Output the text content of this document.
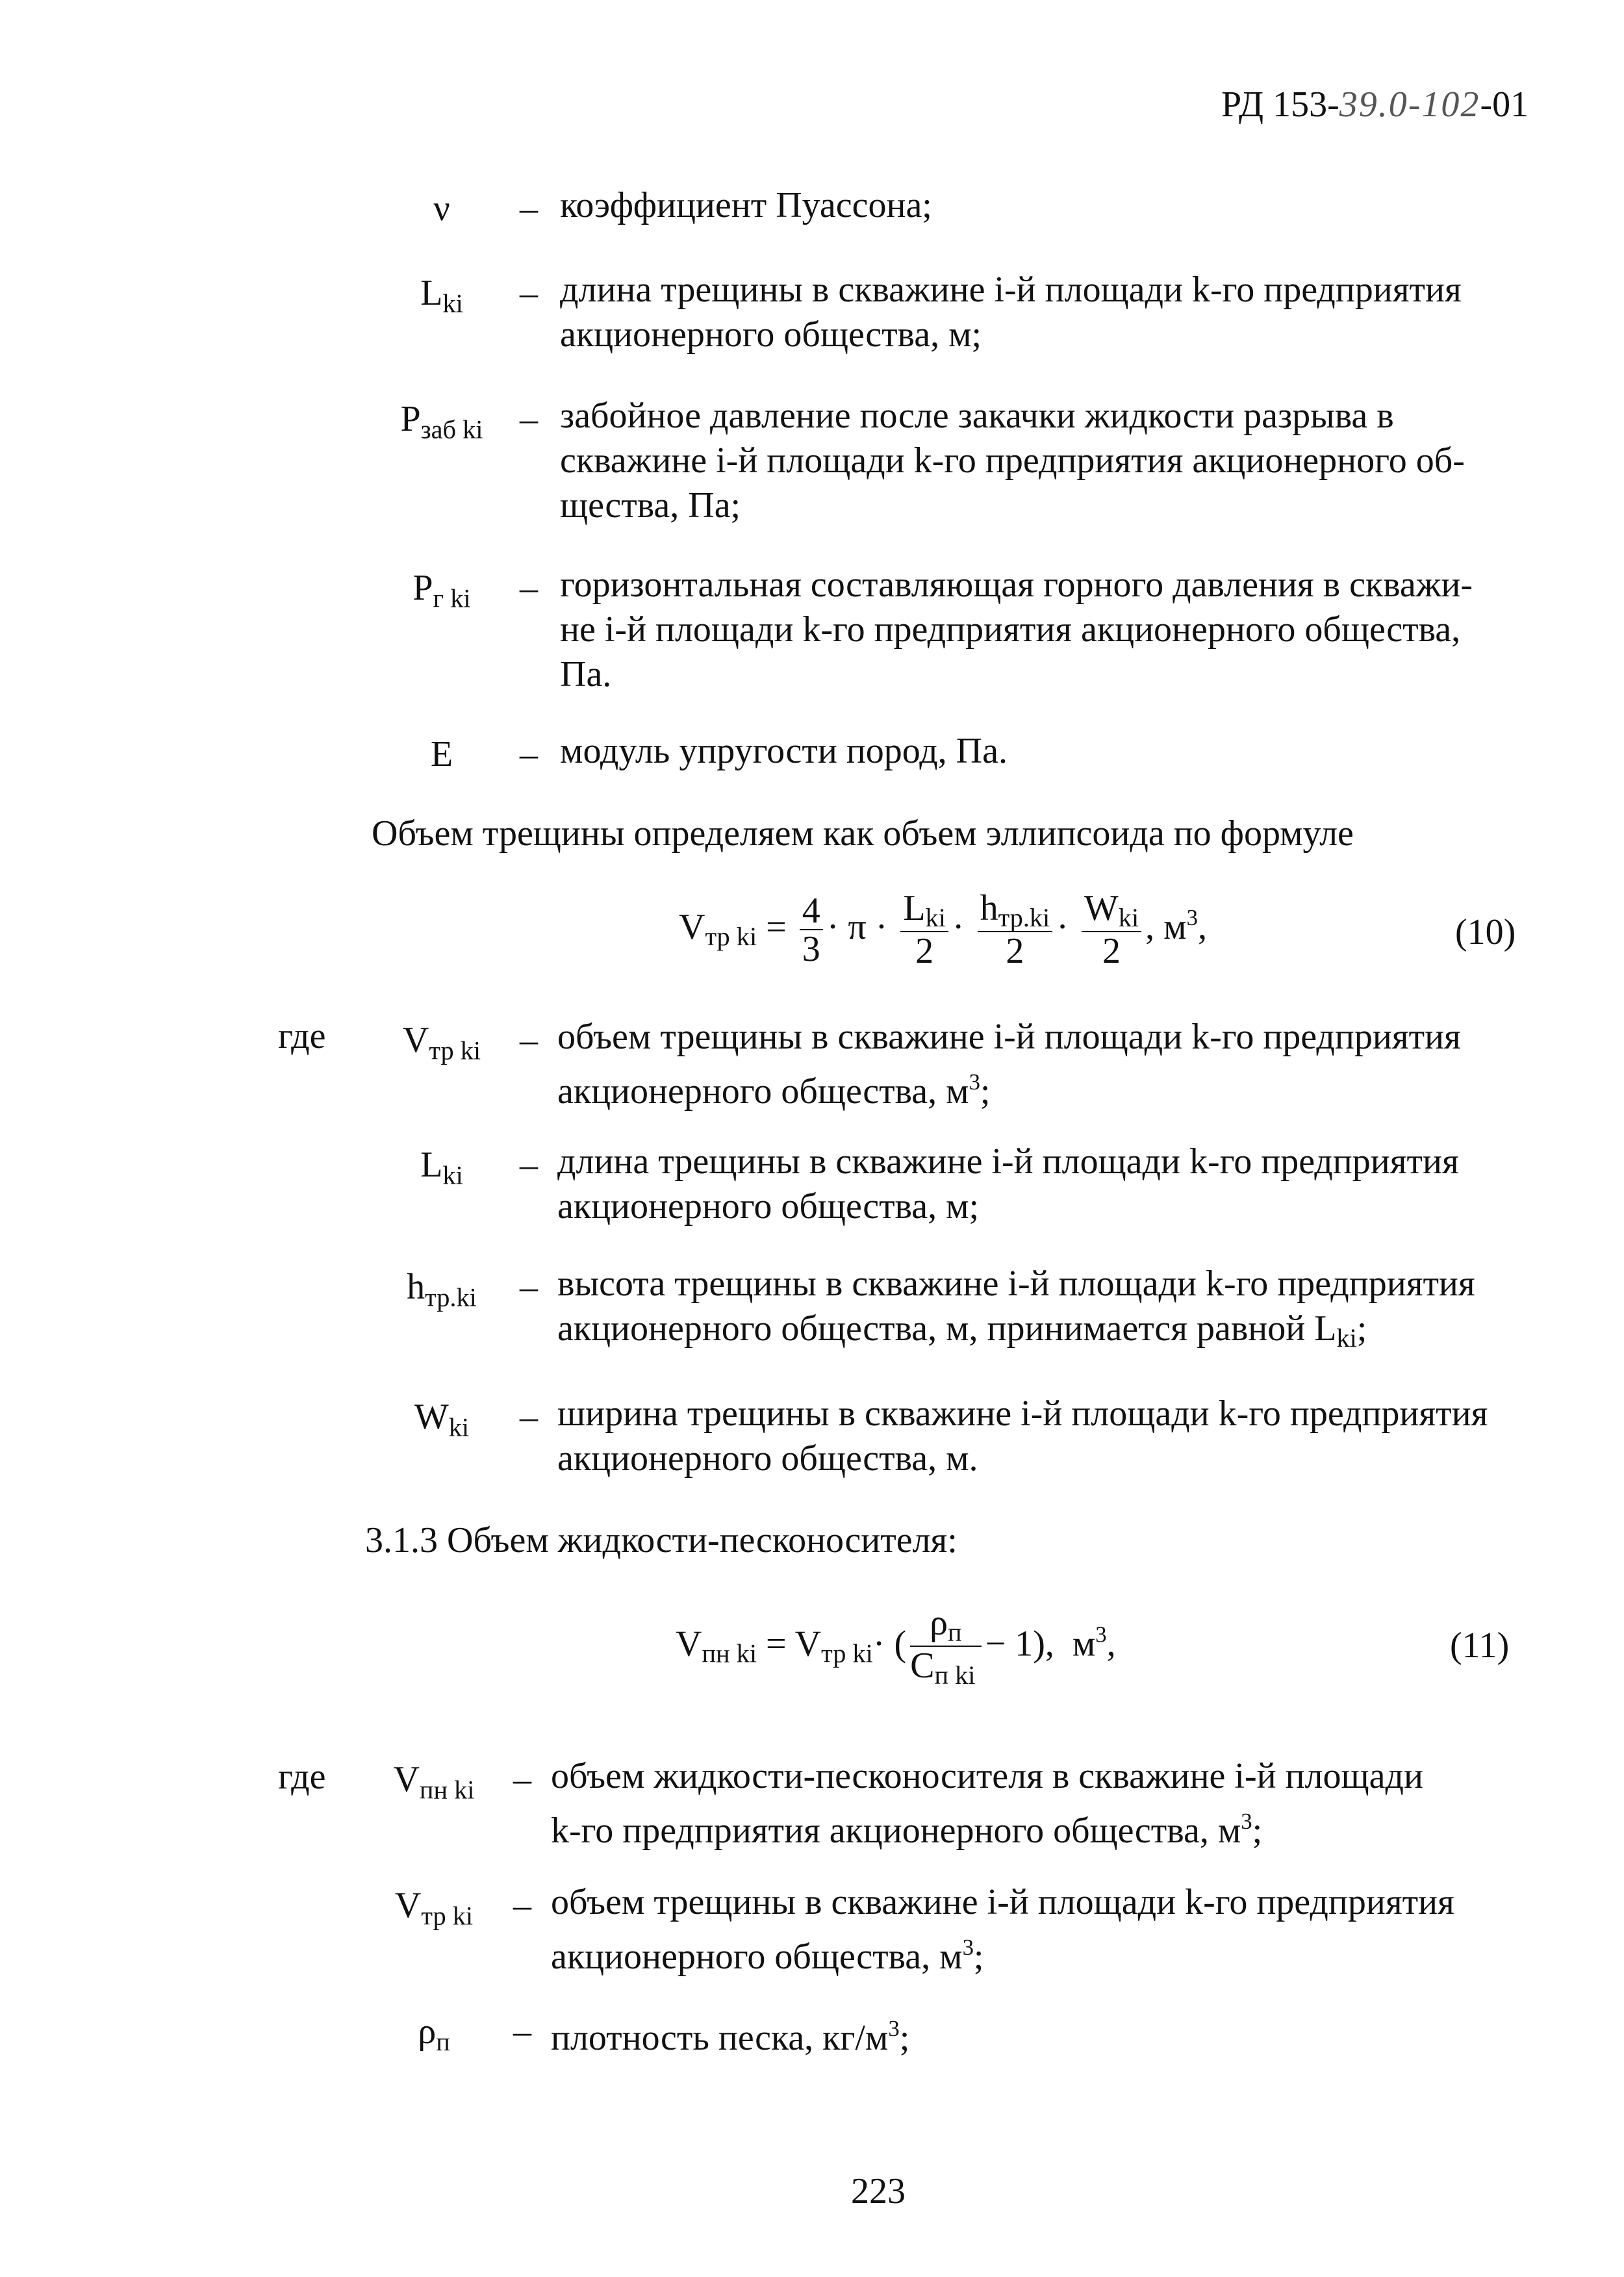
РД 153-39.0-102-01
ν	– коэффициент Пуассона;
$L_{ki}$	– длина трещины в скважине i-й площади k-го предприятия
акционерного общества, м;
$P_{заб ki}$	– забойное давление после закачки жидкости разрыва в
скважине i-й площади k-го предприятия акционерного об-
щества, Па;
$P_{г ki}$	– горизонтальная составляющая горного давления в скважи-
не i-й площади k-го предприятия акционерного общества,
Па.
E	– модуль упругости пород, Па.
Объем трещины определяем как объем эллипсоида по формуле
$V_{тр ki} = \frac{4}{3} \cdot \pi \cdot \frac{L_{ki}}{2} \cdot \frac{h_{тр.ki}}{2} \cdot \frac{W_{ki}}{2}$ , $м^3$,	(10)
где	$V_{тр ki}$	– объем трещины в скважине i-й площади k-го предприятия
акционерного общества, $м^3$;
$L_{ki}$	– длина трещины в скважине i-й площади k-го предприятия
акционерного общества, м;
$h_{тр.ki}$	– высота трещины в скважине i-й площади k-го предприятия
акционерного общества, м, принимается равной $L_{ki}$;
$W_{ki}$	– ширина трещины в скважине i-й площади k-го предприятия
акционерного общества, м.
3.1.3 Объем жидкости-песконосителя:
$V_{пн ki} = V_{тр ki}\cdot$ ( $\frac{\rho_п}{C_{п ki}} - 1$), $м^3$,	(11)
где	$V_{пн ki}$	– объем жидкости-песконосителя в скважине i-й площади
k-го предприятия акционерного общества, $м^3$;
$V_{тр ki}$	– объем трещины в скважине i-й площади k-го предприятия
акционерного общества, $м^3$;
$\rho_п$	– плотность песка, $кг/м^3$;
223
